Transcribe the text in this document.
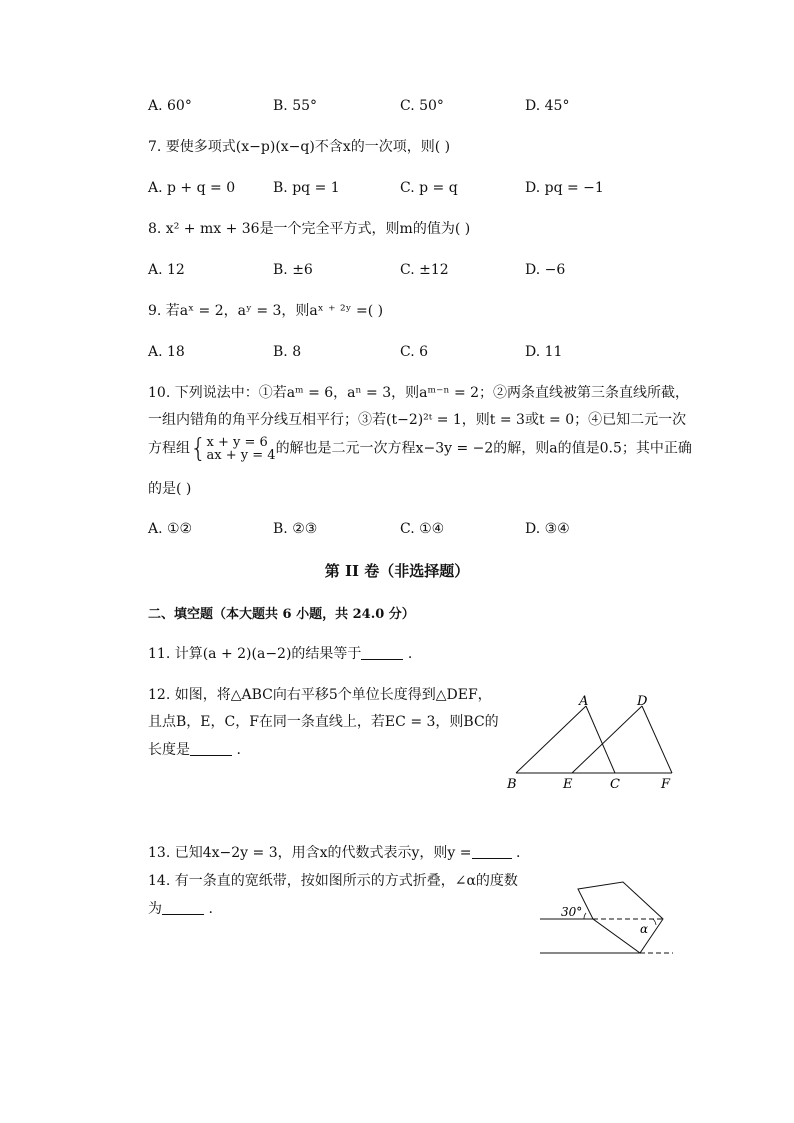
A. 60°	B. 55°	C. 50°	D. 45°
7. 要使多项式(x−p)(x−q)不含x的一次项，则( )
A. p + q = 0	B. pq = 1	C. p = q	D. pq = −1
8. x² + mx + 36是一个完全平方式，则m的值为( )
A. 12	B. ±6	C. ±12	D. −6
9. 若aˣ = 2，aʸ = 3，则aˣ ⁺ ²ʸ =( )
A. 18	B. 8	C. 6	D. 11
10. 下列说法中：①若aᵐ = 6，aⁿ = 3，则aᵐ⁻ⁿ = 2；②两条直线被第三条直线所截，
一组内错角的角平分线互相平行；③若(t−2)²ᵗ = 1，则t = 3或t = 0；④已知二元一次
方程组{x + y = 6
ax + y = 4的解也是二元一次方程x−3y = −2的解，则a的值是0.5；其中正确
的是( )
A. ①②	B. ②③	C. ①④	D. ③④
第 II 卷（非选择题）
二、填空题（本大题共 6 小题，共 24.0 分）
11. 计算(a + 2)(a−2)的结果等于	.
12. 如图，将△ABC向右平移5个单位长度得到△DEF，
且点B，E，C，F在同一条直线上，若EC = 3，则BC的
长度是	.
A	D
B	E	C	F
13. 已知4x−2y = 3，用含x的代数式表示y，则y =	.
14. 有一条直的宽纸带，按如图所示的方式折叠，∠α的度数
为	.	30°
α
